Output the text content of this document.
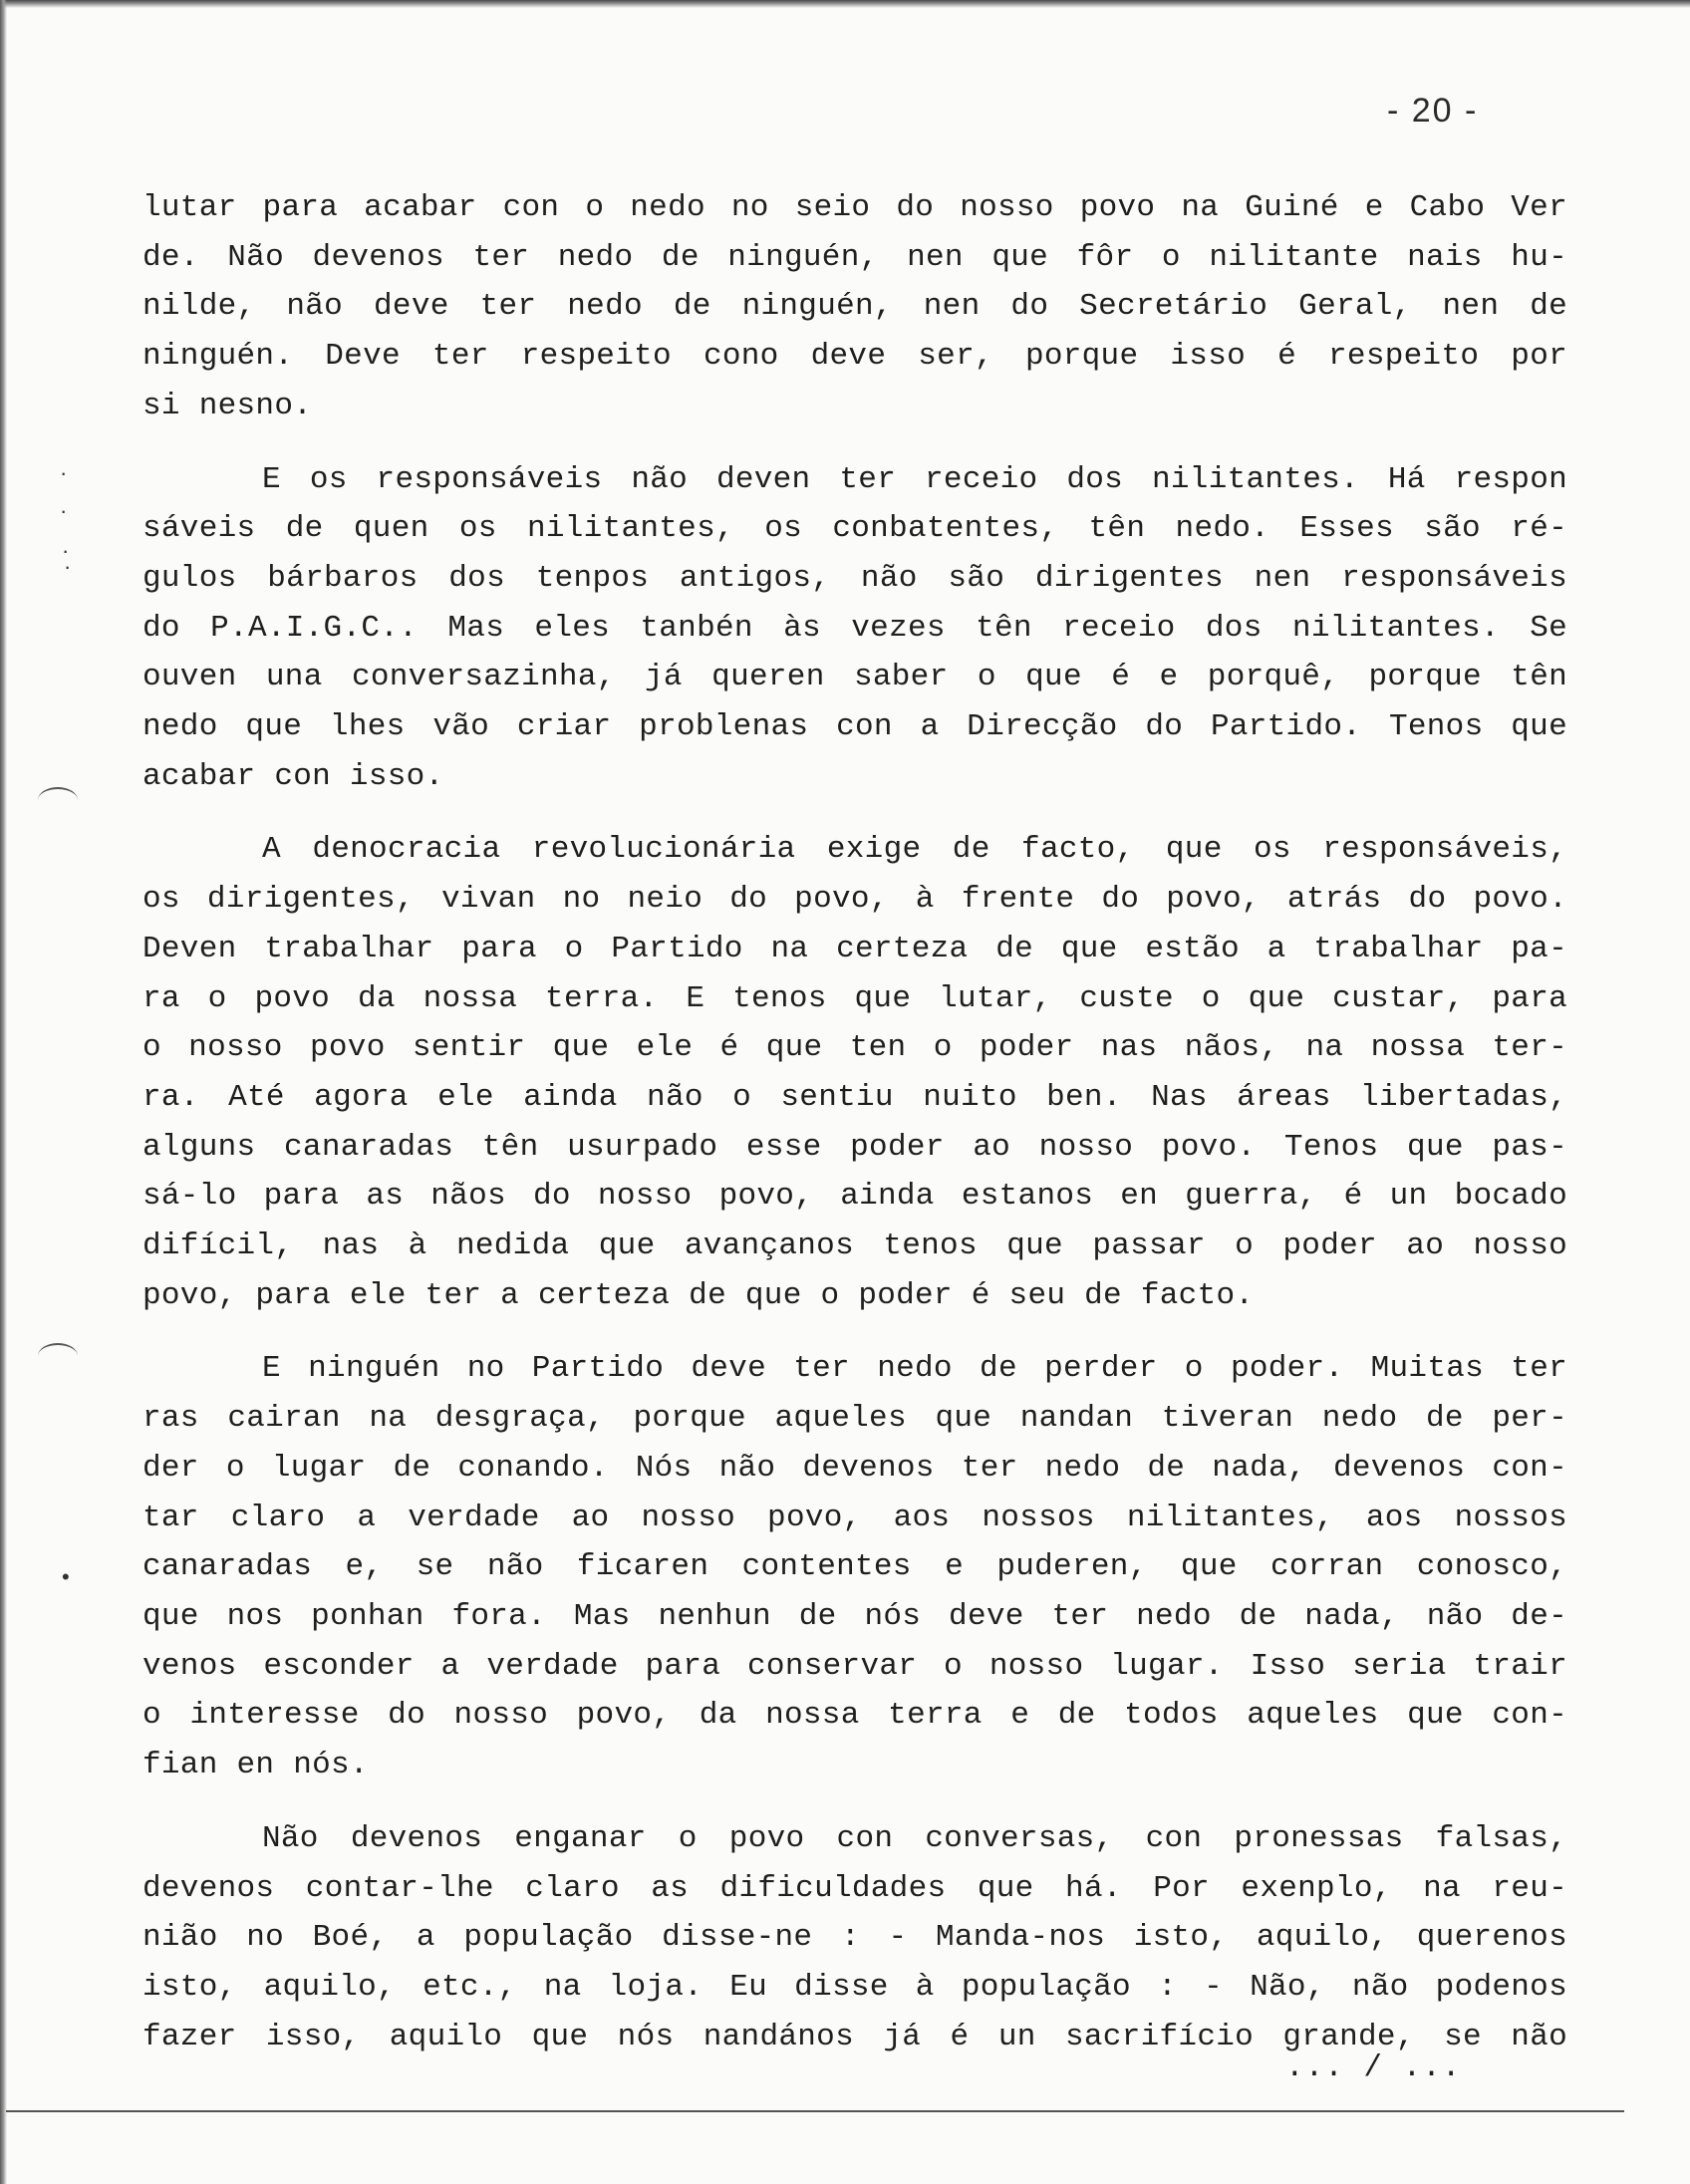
- 20 -
lutar para acabar con o nedo no seio do nosso povo na Guiné e Cabo Ver
de. Não devenos ter nedo de ninguén, nen que fôr o nilitante nais hu-
nilde, não deve ter nedo de ninguén, nen do Secretário Geral, nen de
ninguén. Deve ter respeito cono deve ser, porque isso é respeito por
si nesno.
E os responsáveis não deven ter receio dos nilitantes. Há respon
sáveis de quen os nilitantes, os conbatentes, tên nedo. Esses são ré-
gulos bárbaros dos tenpos antigos, não são dirigentes nen responsáveis
do P.A.I.G.C.. Mas eles tanbén às vezes tên receio dos nilitantes. Se
ouven una conversazinha, já queren saber o que é e porquê, porque tên
nedo que lhes vão criar problenas con a Direcção do Partido. Tenos que
acabar con isso.
A denocracia revolucionária exige de facto, que os responsáveis,
os dirigentes, vivan no neio do povo, à frente do povo, atrás do povo.
Deven trabalhar para o Partido na certeza de que estão a trabalhar pa-
ra o povo da nossa terra. E tenos que lutar, custe o que custar, para
o nosso povo sentir que ele é que ten o poder nas nãos, na nossa ter-
ra. Até agora ele ainda não o sentiu nuito ben. Nas áreas libertadas,
alguns canaradas tên usurpado esse poder ao nosso povo. Tenos que pas-
sá-lo para as nãos do nosso povo, ainda estanos en guerra, é un bocado
difícil, nas à nedida que avançanos tenos que passar o poder ao nosso
povo, para ele ter a certeza de que o poder é seu de facto.
E ninguén no Partido deve ter nedo de perder o poder. Muitas ter
ras cairan na desgraça, porque aqueles que nandan tiveran nedo de per-
der o lugar de conando. Nós não devenos ter nedo de nada, devenos con-
tar claro a verdade ao nosso povo, aos nossos nilitantes, aos nossos
canaradas e, se não ficaren contentes e puderen, que corran conosco,
que nos ponhan fora. Mas nenhun de nós deve ter nedo de nada, não de-
venos esconder a verdade para conservar o nosso lugar. Isso seria trair
o interesse do nosso povo, da nossa terra e de todos aqueles que con-
fian en nós.
Não devenos enganar o povo con conversas, con pronessas falsas,
devenos contar-lhe claro as dificuldades que há. Por exenplo, na reu-
nião no Boé, a população disse-ne : - Manda-nos isto, aquilo, querenos
isto, aquilo, etc., na loja. Eu disse à população : - Não, não podenos
fazer isso, aquilo que nós nandános já é un sacrifício grande, se não
... / ...
·
·
·
·
•
